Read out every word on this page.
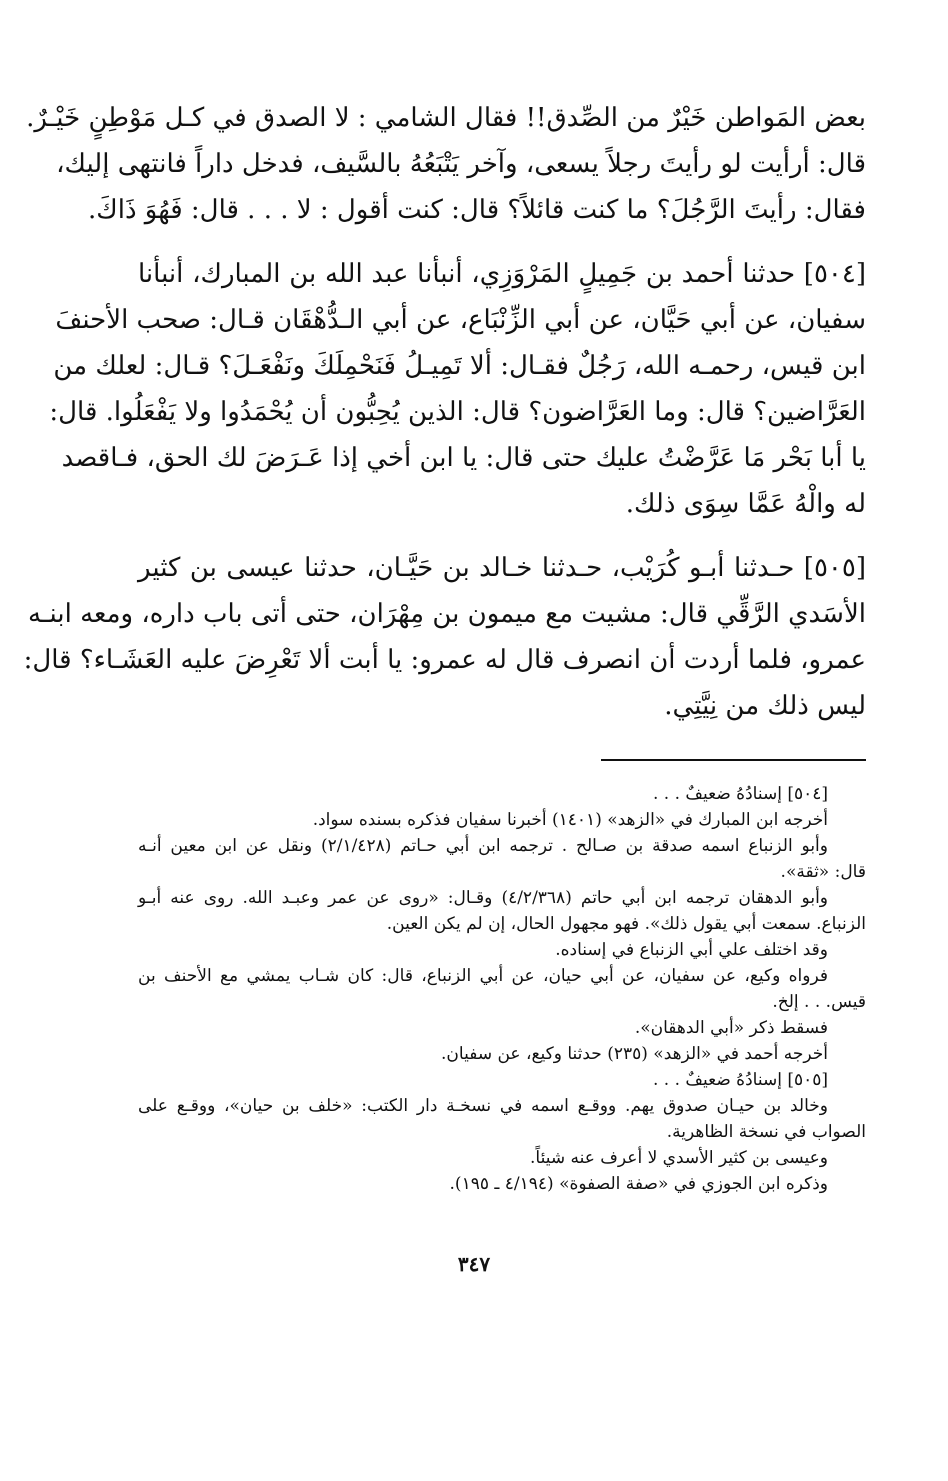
بعض المَواطن خَيْرٌ من الصِّدق!! فقال الشامي : لا الصدق في كـل مَوْطِنٍ خَيْـرٌ.
قال: أرأيت لو رأيتَ رجلاً يسعى، وآخر يَتْبَعُهُ بالسَّيف، فدخل داراً فانتهى إليك،
فقال: رأيتَ الرَّجُلَ؟ ما كنت قائلاً؟ قال: كنت أقول : لا . . . قال: فَهُوَ ذَاكَ.

[٥٠٤] حدثنا أحمد بن جَمِيلٍ المَرْوَزِي، أنبأنا عبد الله بن المبارك، أنبأنا
سفيان، عن أبي حَيَّان، عن أبي الزِّنْبَاع، عن أبي الـدُّهْقَان قـال: صحب الأحنفَ
ابن قيس، رحمـه الله، رَجُلٌ فقـال: ألا تَمِيـلُ فَنَحْمِلَكَ ونَفْعَـلَ؟ قـال: لعلك من
العَرَّاضين؟ قال: وما العَرَّاضون؟ قال: الذين يُحِبُّون أن يُحْمَدُوا ولا يَفْعَلُوا. قال:
يا أبا بَحْر مَا عَرَّضْتُ عليك حتى قال: يا ابن أخي إذا عَـرَضَ لك الحق، فـاقصد
له والْهُ عَمَّا سِوَى ذلك.

[٥٠٥] حـدثنا أبـو كُرَيْب، حـدثنا خـالد بن حَيَّـان، حدثنا عيسى بن كثير
الأسَدي الرَّقِّي قال: مشيت مع ميمون بن مِهْرَان، حتى أتى باب داره، ومعه ابنـه
عمرو، فلما أردت أن انصرف قال له عمرو: يا أبت ألا تَعْرِضَ عليه العَشَـاء؟ قال:
ليس ذلك من نِيَّتِي.

[٥٠٤] إسنادُهُ ضعيفٌ . . .
أخرجه ابن المبارك في «الزهد» (١٤٠١) أخبرنا سفيان فذكره بسنده سواد.
وأبو الزنباع اسمه صدقة بن صـالح . ترجمه ابن أبي حـاتم (٢/١/٤٢٨) ونقل عن ابن معين أنـه
قال: «ثقة».
وأبو الدهقان ترجمه ابن أبي حاتم (٤/٢/٣٦٨) وقـال: «روى عن عمر وعبـد الله. روى عنه أبـو
الزنباع. سمعت أبي يقول ذلك». فهو مجهول الحال، إن لم يكن العين.
وقد اختلف علي أبي الزنباع في إسناده.
فرواه وكيع، عن سفيان، عن أبي حيان، عن أبي الزنباع، قال: كان شـاب يمشي مع الأحنف بن
قيس. . . إلخ.
فسقط ذكر «أبي الدهقان».
أخرجه أحمد في «الزهد» (٢٣٥) حدثنا وكيع، عن سفيان.
[٥٠٥] إسنادُهُ ضعيفٌ . . .
وخالد بن حيـان صدوق يهم. ووقـع اسمه في نسخـة دار الكتب: «خلف بن حيان»، ووقـع على
الصواب في نسخة الظاهرية.
وعيسى بن كثير الأسدي لا أعرف عنه شيئاً.
وذكره ابن الجوزي في «صفة الصفوة» (٤/١٩٤ ـ ١٩٥).
٣٤٧
